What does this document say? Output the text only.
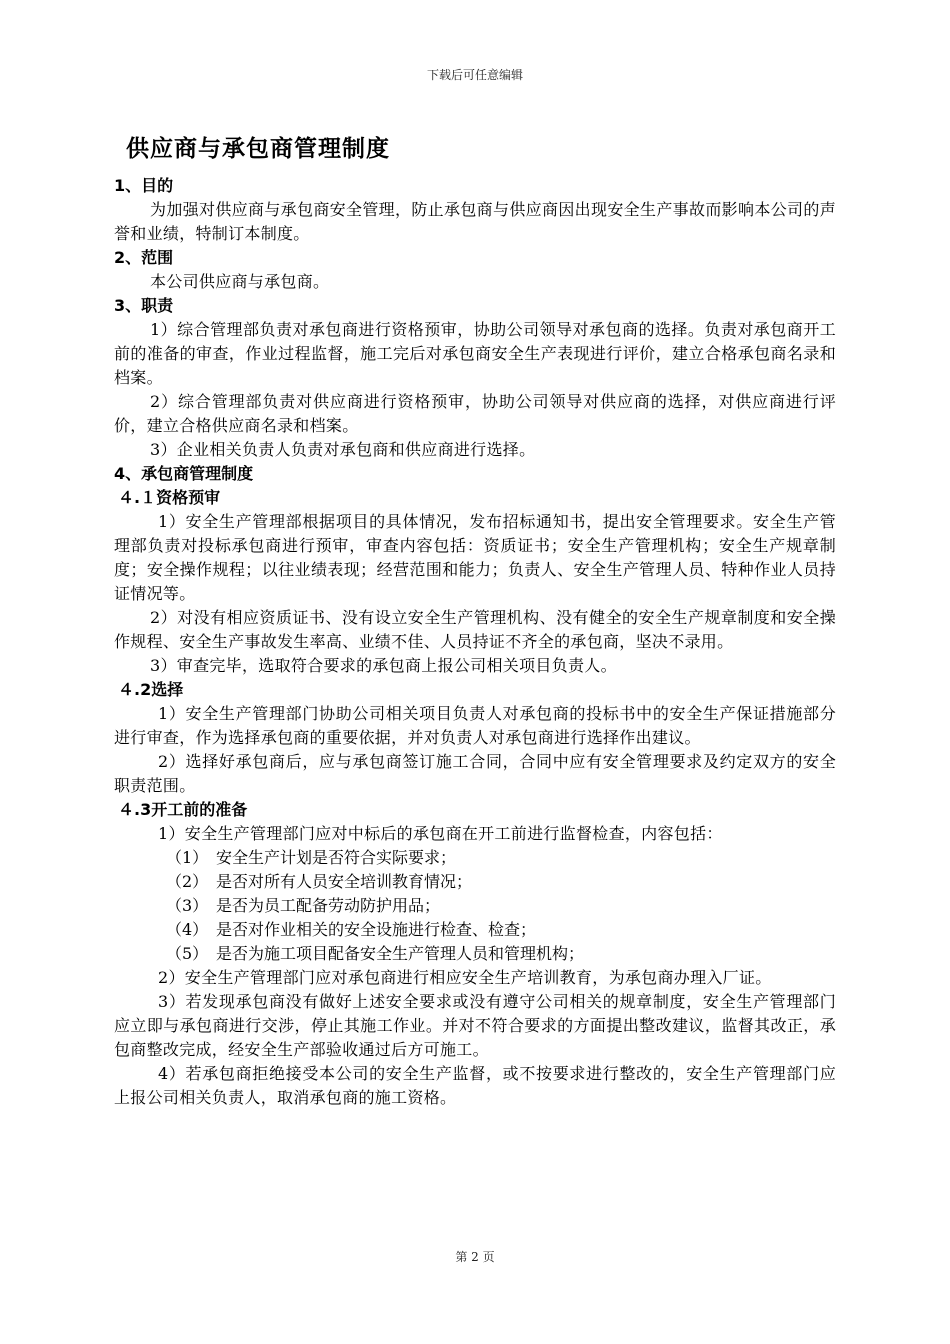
下载后可任意编辑
供应商与承包商管理制度
1、目的

为加强对供应商与承包商安全管理，防止承包商与供应商因出现安全生产事故而影响本公司的声誉和业绩，特制订本制度。

2、范围

本公司供应商与承包商。

3、职责

1）综合管理部负责对承包商进行资格预审，协助公司领导对承包商的选择。负责对承包商开工前的准备的审查，作业过程监督，施工完后对承包商安全生产表现进行评价，建立合格承包商名录和档案。

2）综合管理部负责对供应商进行资格预审，协助公司领导对供应商的选择，对供应商进行评价，建立合格供应商名录和档案。

3）企业相关负责人负责对承包商和供应商进行选择。

4、承包商管理制度
４.１资格预审

1）安全生产管理部根据项目的具体情况，发布招标通知书，提出安全管理要求。安全生产管理部负责对投标承包商进行预审，审查内容包括：资质证书；安全生产管理机构；安全生产规章制度；安全操作规程；以往业绩表现；经营范围和能力；负责人、安全生产管理人员、特种作业人员持证情况等。

2）对没有相应资质证书、没有设立安全生产管理机构、没有健全的安全生产规章制度和安全操作规程、安全生产事故发生率高、业绩不佳、人员持证不齐全的承包商，坚决不录用。

3）审查完毕，选取符合要求的承包商上报公司相关项目负责人。

４.2选择

1）安全生产管理部门协助公司相关项目负责人对承包商的投标书中的安全生产保证措施部分进行审查，作为选择承包商的重要依据，并对负责人对承包商进行选择作出建议。

2）选择好承包商后，应与承包商签订施工合同，合同中应有安全管理要求及约定双方的安全职责范围。

４.3开工前的准备

1）安全生产管理部门应对中标后的承包商在开工前进行监督检查，内容包括：

（1） 安全生产计划是否符合实际要求；

（2） 是否对所有人员安全培训教育情况；

（3） 是否为员工配备劳动防护用品；

（4） 是否对作业相关的安全设施进行检查、检查；

（5） 是否为施工项目配备安全生产管理人员和管理机构；

2）安全生产管理部门应对承包商进行相应安全生产培训教育，为承包商办理入厂证。

3）若发现承包商没有做好上述安全要求或没有遵守公司相关的规章制度，安全生产管理部门应立即与承包商进行交涉，停止其施工作业。并对不符合要求的方面提出整改建议，监督其改正，承包商整改完成，经安全生产部验收通过后方可施工。

4）若承包商拒绝接受本公司的安全生产监督，或不按要求进行整改的，安全生产管理部门应上报公司相关负责人，取消承包商的施工资格。

第 2 页
